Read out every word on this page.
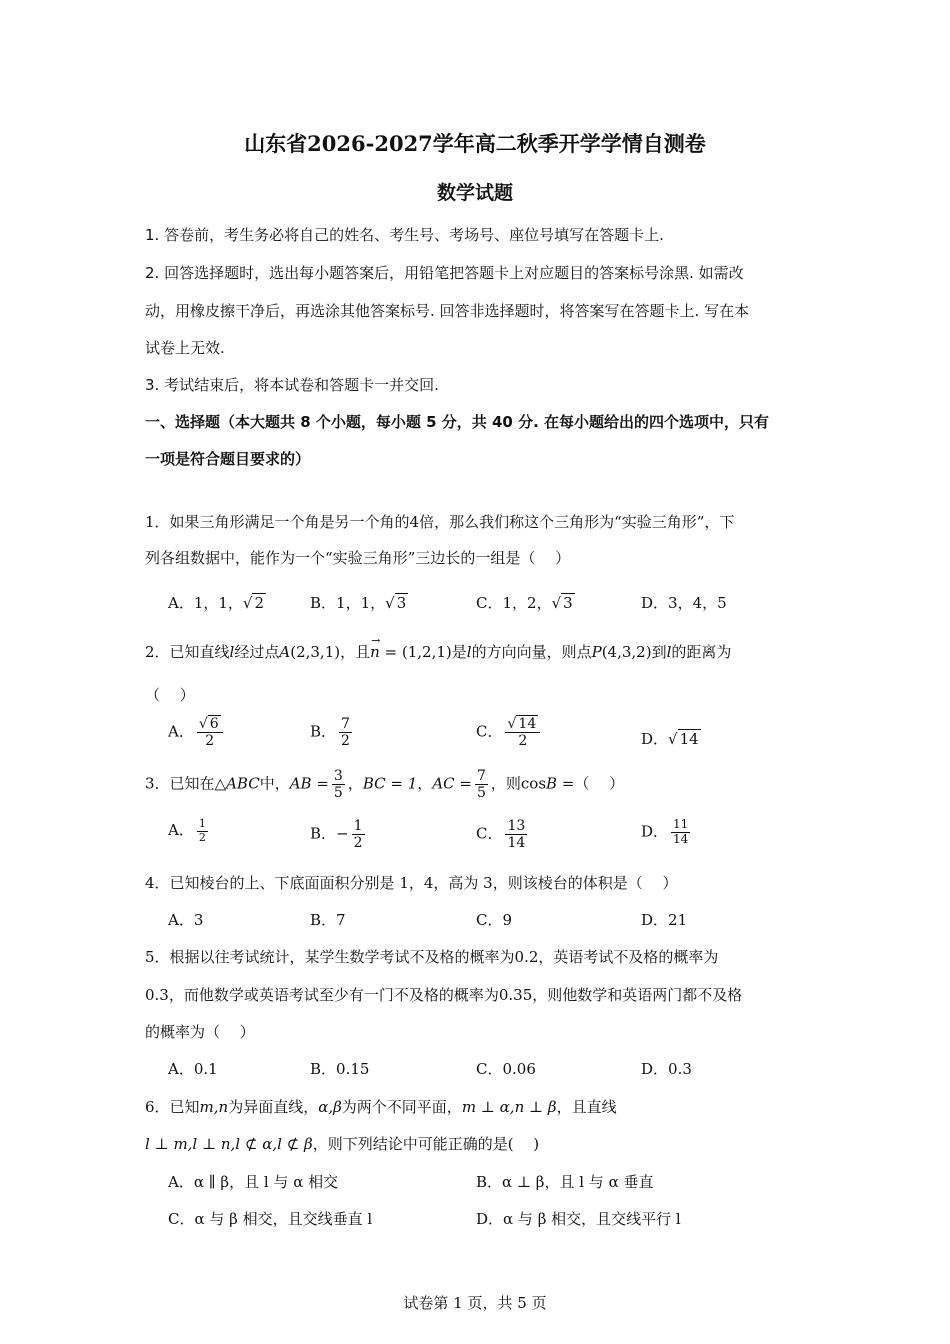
山东省2026-2027学年高二秋季开学学情自测卷
数学试题
1. 答卷前，考生务必将自己的姓名、考生号、考场号、座位号填写在答题卡上.
2. 回答选择题时，选出每小题答案后，用铅笔把答题卡上对应题目的答案标号涂黑. 如需改
动，用橡皮擦干净后，再选涂其他答案标号. 回答非选择题时，将答案写在答题卡上. 写在本
试卷上无效.
3. 考试结束后，将本试卷和答题卡一并交回.
一、选择题（本大题共 8 个小题，每小题 5 分，共 40 分. 在每小题给出的四个选项中，只有
一项是符合题目要求的）
1．如果三角形满足一个角是另一个角的4倍，那么我们称这个三角形为“实验三角形”，下
列各组数据中，能作为一个“实验三角形”三边长的一组是（　 ）
A．1，1，√ 2	B．1，1，√ 3	C．1，2，√ 3	D．3，4，5
2．已知直线l经过点A(2,3,1)，且n
→
= (1,2,1)是l的方向向量，则点P(4,3,2)到l的距离为
（　 ）
A． $\frac{√ 6}{2}$	B． $\frac{7}{2}$	C． $\frac{√ 14}{2}$	D．√ 14
3．已知在△ABC中，AB = $\frac{3}{5}$ ，BC = 1，AC = $\frac{7}{5}$ ，则cosB =（　 ）
A． $\frac{1}{2}$	B．− $\frac{1}{2}$	C． $\frac{13}{14}$	D． $\frac{11}{14}$
4．已知棱台的上、下底面面积分别是 1，4，高为 3，则该棱台的体积是（　 ）
A．3	B．7	C．9	D．21
5．根据以往考试统计，某学生数学考试不及格的概率为0.2，英语考试不及格的概率为
0.3，而他数学或英语考试至少有一门不及格的概率为0.35，则他数学和英语两门都不及格
的概率为（　 ）
A．0.1	B．0.15	C．0.06	D．0.3
6．已知m,n为异面直线，α,β为两个不同平面，m ⊥ α,n ⊥ β，且直线
l ⊥ m,l ⊥ n,l ⊄ α,l ⊄ β，则下列结论中可能正确的是(　 )
A．α ∥ β，且 l 与 α 相交	B．α ⊥ β，且 l 与 α 垂直
C．α 与 β 相交，且交线垂直 l	D．α 与 β 相交，且交线平行 l
试卷第 1 页，共 5 页
